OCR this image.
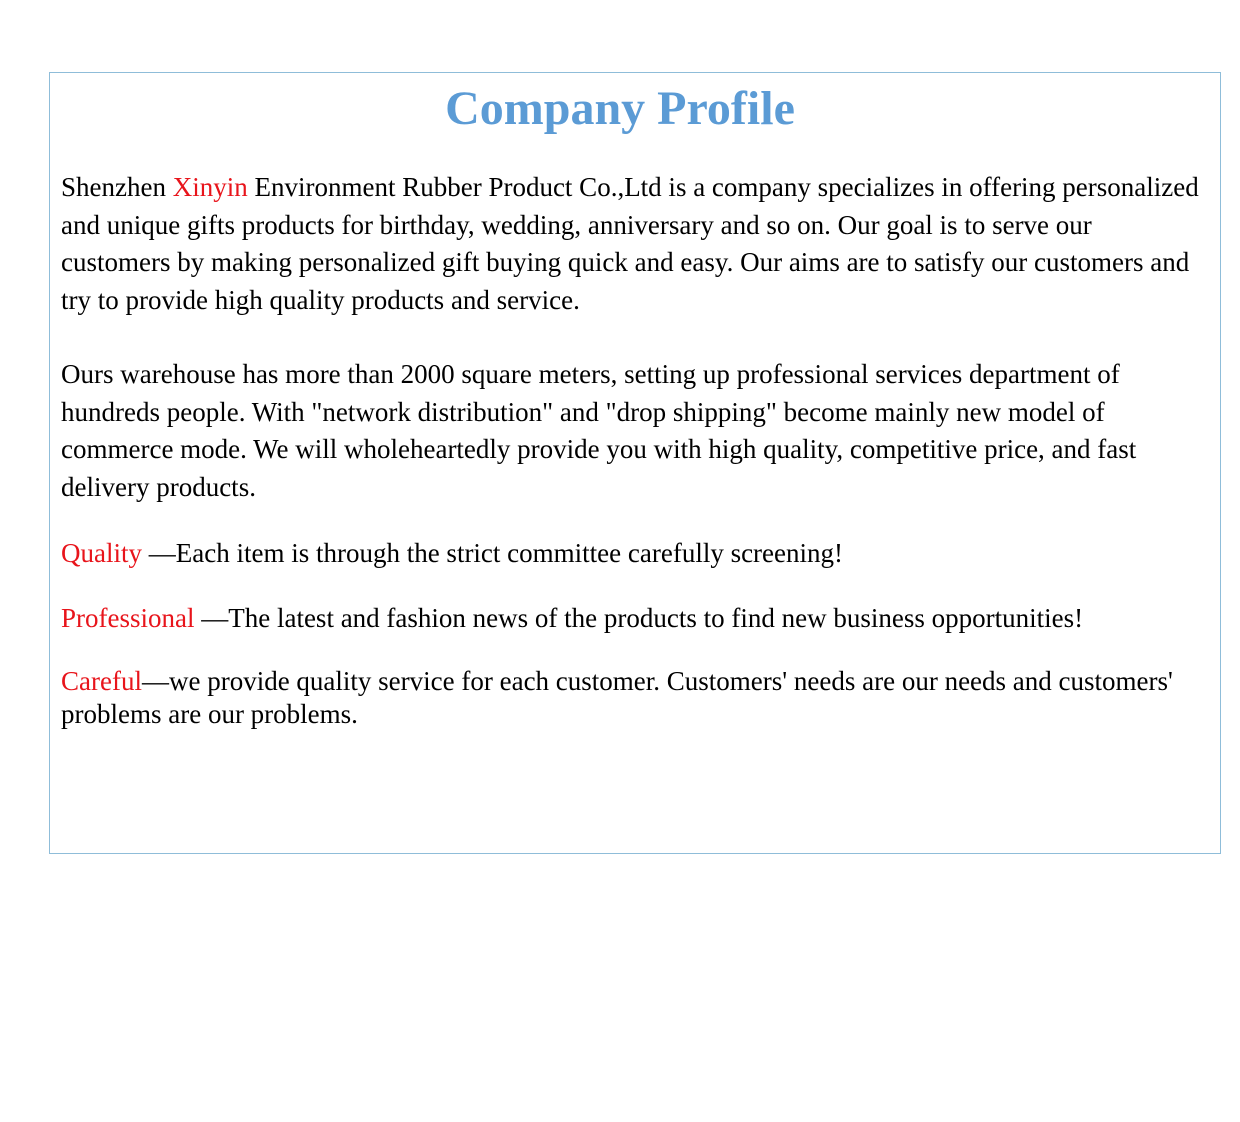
Company Profile

Shenzhen Xinyin Environment Rubber Product Co.,Ltd is a company specializes in offering personalized and unique gifts products for birthday, wedding, anniversary and so on. Our goal is to serve our customers by making personalized gift buying quick and easy. Our aims are to satisfy our customers and try to provide high quality products and service.

Ours warehouse has more than 2000 square meters, setting up professional services department of hundreds people. With "network distribution" and "drop shipping" become mainly new model of commerce mode. We will wholeheartedly provide you with high quality, competitive price, and fast delivery products.

Quality —Each item is through the strict committee carefully screening!

Professional —The latest and fashion news of the products to find new business opportunities!

Careful—we provide quality service for each customer. Customers' needs are our needs and customers' problems are our problems.
